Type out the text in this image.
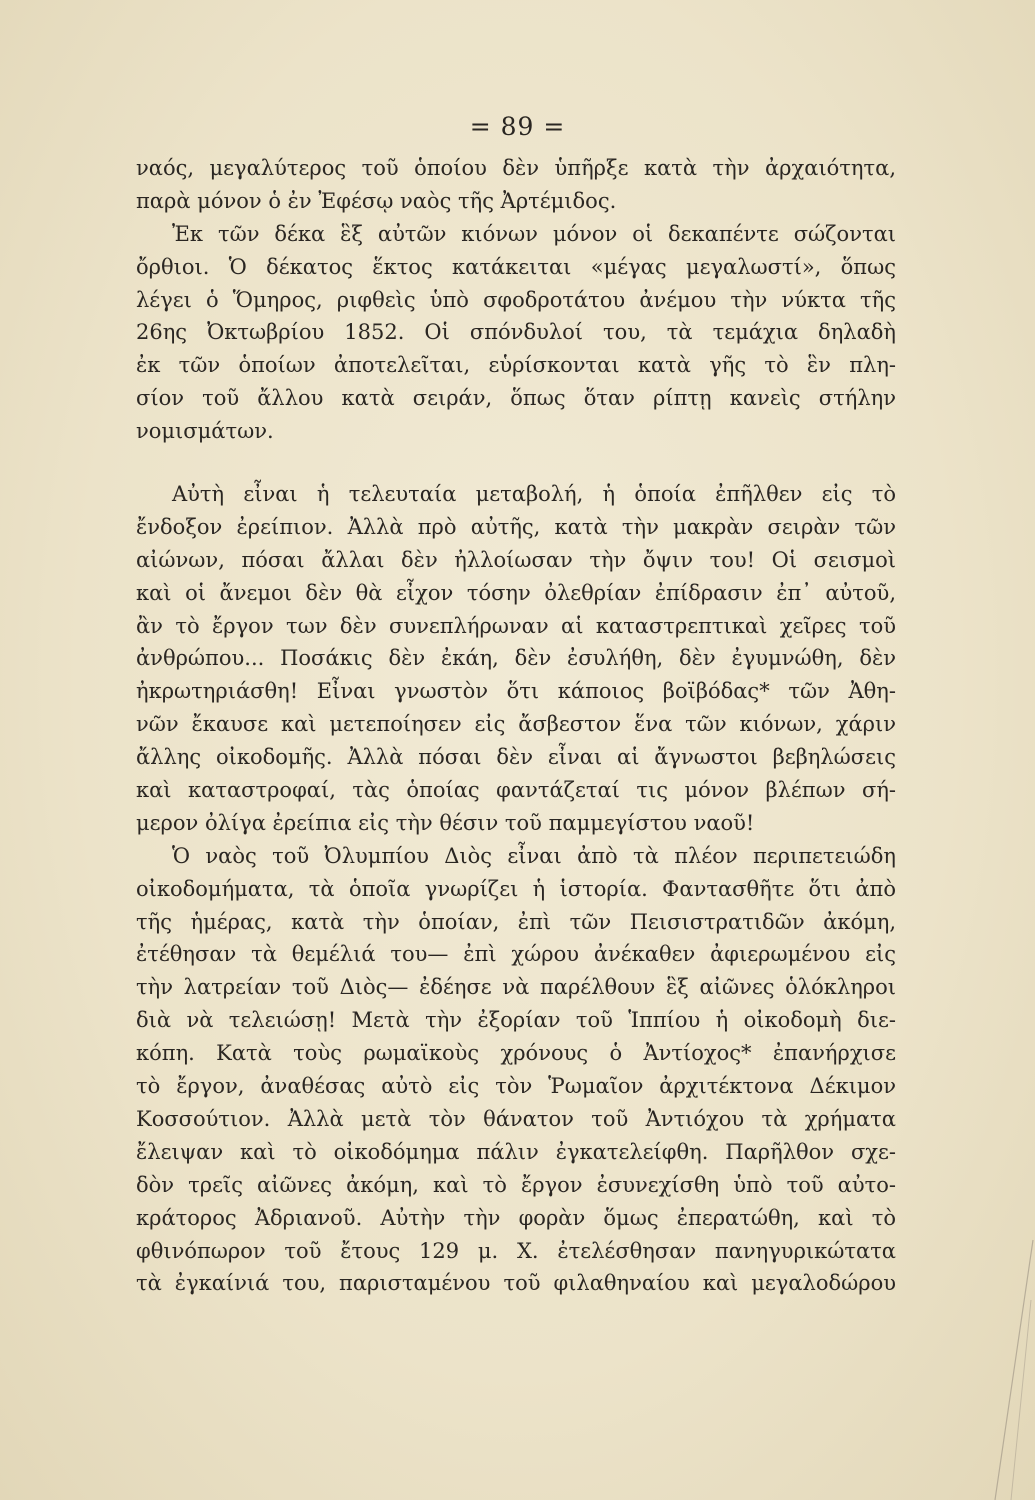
= 89 =
ναός, μεγαλύτερος τοῦ ὁποίου δὲν ὑπῆρξε κατὰ τὴν ἀρχαιότητα,
παρὰ μόνον ὁ ἐν Ἐφέσῳ ναὸς τῆς Ἀρτέμιδος.
Ἐκ τῶν δέκα ἓξ αὐτῶν κιόνων μόνον οἱ δεκαπέντε σώζονται
ὄρθιοι. Ὁ δέκατος ἕκτος κατάκειται «μέγας μεγαλωστί», ὅπως
λέγει ὁ Ὅμηρος, ριφθεὶς ὑπὸ σφοδροτάτου ἀνέμου τὴν νύκτα τῆς
26ης Ὀκτωβρίου 1852. Οἱ σπόνδυλοί του, τὰ τεμάχια δηλαδὴ
ἐκ τῶν ὁποίων ἀποτελεῖται, εὑρίσκονται κατὰ γῆς τὸ ἓν πλη-
σίον τοῦ ἄλλου κατὰ σειράν, ὅπως ὅταν ρίπτῃ κανεὶς στήλην
νομισμάτων.
Αὐτὴ εἶναι ἡ τελευταία μεταβολή, ἡ ὁποία ἐπῆλθεν εἰς τὸ
ἔνδοξον ἐρείπιον. Ἀλλὰ πρὸ αὐτῆς, κατὰ τὴν μακρὰν σειρὰν τῶν
αἰώνων, πόσαι ἄλλαι δὲν ἠλλοίωσαν τὴν ὄψιν του! Οἱ σεισμοὶ
καὶ οἱ ἄνεμοι δὲν θὰ εἶχον τόσην ὀλεθρίαν ἐπίδρασιν ἐπ᾽ αὐτοῦ,
ἂν τὸ ἔργον των δὲν συνεπλήρωναν αἱ καταστρεπτικαὶ χεῖρες τοῦ
ἀνθρώπου... Ποσάκις δὲν ἐκάη, δὲν ἐσυλήθη, δὲν ἐγυμνώθη, δὲν
ἠκρωτηριάσθη! Εἶναι γνωστὸν ὅτι κάποιος βοϊβόδας* τῶν Ἀθη-
νῶν ἔκαυσε καὶ μετεποίησεν εἰς ἄσβεστον ἕνα τῶν κιόνων, χάριν
ἄλλης οἰκοδομῆς. Ἀλλὰ πόσαι δὲν εἶναι αἱ ἄγνωστοι βεβηλώσεις
καὶ καταστροφαί, τὰς ὁποίας φαντάζεταί τις μόνον βλέπων σή-
μερον ὀλίγα ἐρείπια εἰς τὴν θέσιν τοῦ παμμεγίστου ναοῦ!
Ὁ ναὸς τοῦ Ὀλυμπίου Διὸς εἶναι ἀπὸ τὰ πλέον περιπετειώδη
οἰκοδομήματα, τὰ ὁποῖα γνωρίζει ἡ ἱστορία. Φαντασθῆτε ὅτι ἀπὸ
τῆς ἡμέρας, κατὰ τὴν ὁποίαν, ἐπὶ τῶν Πεισιστρατιδῶν ἀκόμη,
ἐτέθησαν τὰ θεμέλιά του— ἐπὶ χώρου ἀνέκαθεν ἀφιερωμένου εἰς
τὴν λατρείαν τοῦ Διὸς— ἐδέησε νὰ παρέλθουν ἓξ αἰῶνες ὁλόκληροι
διὰ νὰ τελειώσῃ! Μετὰ τὴν ἐξορίαν τοῦ Ἱππίου ἡ οἰκοδομὴ διε-
κόπη. Κατὰ τοὺς ρωμαϊκοὺς χρόνους ὁ Ἀντίοχος* ἐπανήρχισε
τὸ ἔργον, ἀναθέσας αὐτὸ εἰς τὸν Ῥωμαῖον ἀρχιτέκτονα Δέκιμον
Κοσσούτιον. Ἀλλὰ μετὰ τὸν θάνατον τοῦ Ἀντιόχου τὰ χρήματα
ἔλειψαν καὶ τὸ οἰκοδόμημα πάλιν ἐγκατελείφθη. Παρῆλθον σχε-
δὸν τρεῖς αἰῶνες ἀκόμη, καὶ τὸ ἔργον ἐσυνεχίσθη ὑπὸ τοῦ αὐτο-
κράτορος Ἀδριανοῦ. Αὐτὴν τὴν φορὰν ὅμως ἐπερατώθη, καὶ τὸ
φθινόπωρον τοῦ ἔτους 129 μ. Χ. ἐτελέσθησαν πανηγυρικώτατα
τὰ ἐγκαίνιά του, παρισταμένου τοῦ φιλαθηναίου καὶ μεγαλοδώρου
